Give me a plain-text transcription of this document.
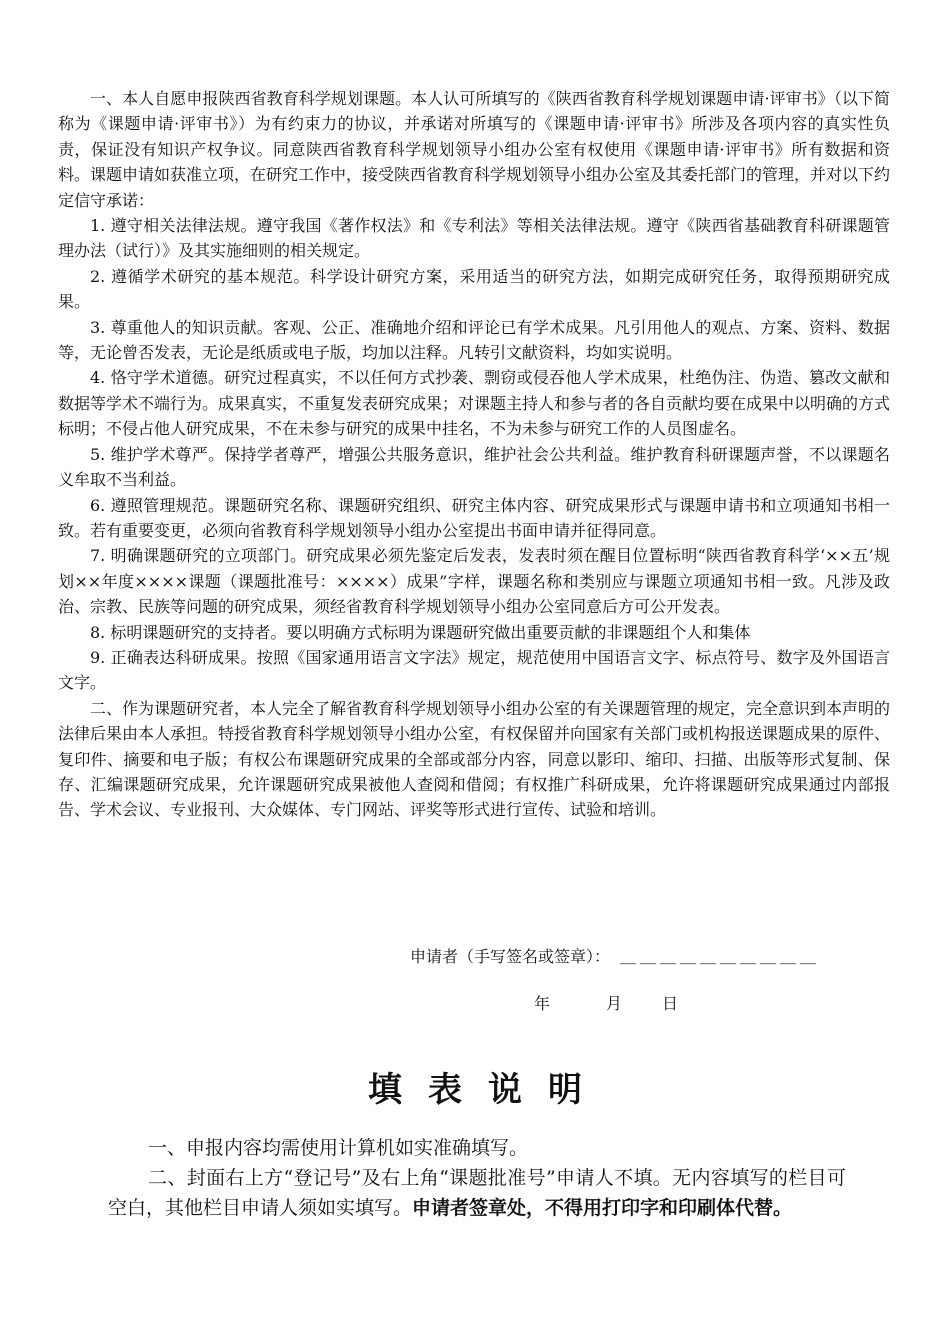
一、本人自愿申报陕西省教育科学规划课题。本人认可所填写的《陕西省教育科学规划课题申请·评审书》（以下简称为《课题申请·评审书》）为有约束力的协议，并承诺对所填写的《课题申请·评审书》所涉及各项内容的真实性负责，保证没有知识产权争议。同意陕西省教育科学规划领导小组办公室有权使用《课题申请·评审书》所有数据和资料。课题申请如获准立项，在研究工作中，接受陕西省教育科学规划领导小组办公室及其委托部门的管理，并对以下约定信守承诺：

1. 遵守相关法律法规。遵守我国《著作权法》和《专利法》等相关法律法规。遵守《陕西省基础教育科研课题管理办法（试行）》及其实施细则的相关规定。

2. 遵循学术研究的基本规范。科学设计研究方案，采用适当的研究方法，如期完成研究任务，取得预期研究成果。

3. 尊重他人的知识贡献。客观、公正、准确地介绍和评论已有学术成果。凡引用他人的观点、方案、资料、数据等，无论曾否发表，无论是纸质或电子版，均加以注释。凡转引文献资料，均如实说明。

4. 恪守学术道德。研究过程真实，不以任何方式抄袭、剽窃或侵吞他人学术成果，杜绝伪注、伪造、篡改文献和数据等学术不端行为。成果真实，不重复发表研究成果；对课题主持人和参与者的各自贡献均要在成果中以明确的方式标明；不侵占他人研究成果，不在未参与研究的成果中挂名，不为未参与研究工作的人员图虚名。

5. 维护学术尊严。保持学者尊严，增强公共服务意识，维护社会公共利益。维护教育科研课题声誉，不以课题名义牟取不当利益。

6. 遵照管理规范。课题研究名称、课题研究组织、研究主体内容、研究成果形式与课题申请书和立项通知书相一致。若有重要变更，必须向省教育科学规划领导小组办公室提出书面申请并征得同意。

7. 明确课题研究的立项部门。研究成果必须先鉴定后发表，发表时须在醒目位置标明“陕西省教育科学‘××五’规划××年度××××课题（课题批准号：××××）成果”字样，课题名称和类别应与课题立项通知书相一致。凡涉及政治、宗教、民族等问题的研究成果，须经省教育科学规划领导小组办公室同意后方可公开发表。

8. 标明课题研究的支持者。要以明确方式标明为课题研究做出重要贡献的非课题组个人和集体

9. 正确表达科研成果。按照《国家通用语言文字法》规定，规范使用中国语言文字、标点符号、数字及外国语言文字。

二、作为课题研究者，本人完全了解省教育科学规划领导小组办公室的有关课题管理的规定，完全意识到本声明的法律后果由本人承担。特授省教育科学规划领导小组办公室，有权保留并向国家有关部门或机构报送课题成果的原件、复印件、摘要和电子版；有权公布课题研究成果的全部或部分内容，同意以影印、缩印、扫描、出版等形式复制、保存、汇编课题研究成果，允许课题研究成果被他人查阅和借阅；有权推广科研成果，允许将课题研究成果通过内部报告、学术会议、专业报刊、大众媒体、专门网站、评奖等形式进行宣传、试验和培训。

申请者（手写签名或签章）： ＿＿＿＿＿＿＿＿＿＿
年	月 日
填表说明

一、申报内容均需使用计算机如实准确填写。

二、封面右上方“登记号”及右上角“课题批准号”申请人不填。无内容填写的栏目可空白，其他栏目申请人须如实填写。申请者签章处，不得用打印字和印刷体代替。
